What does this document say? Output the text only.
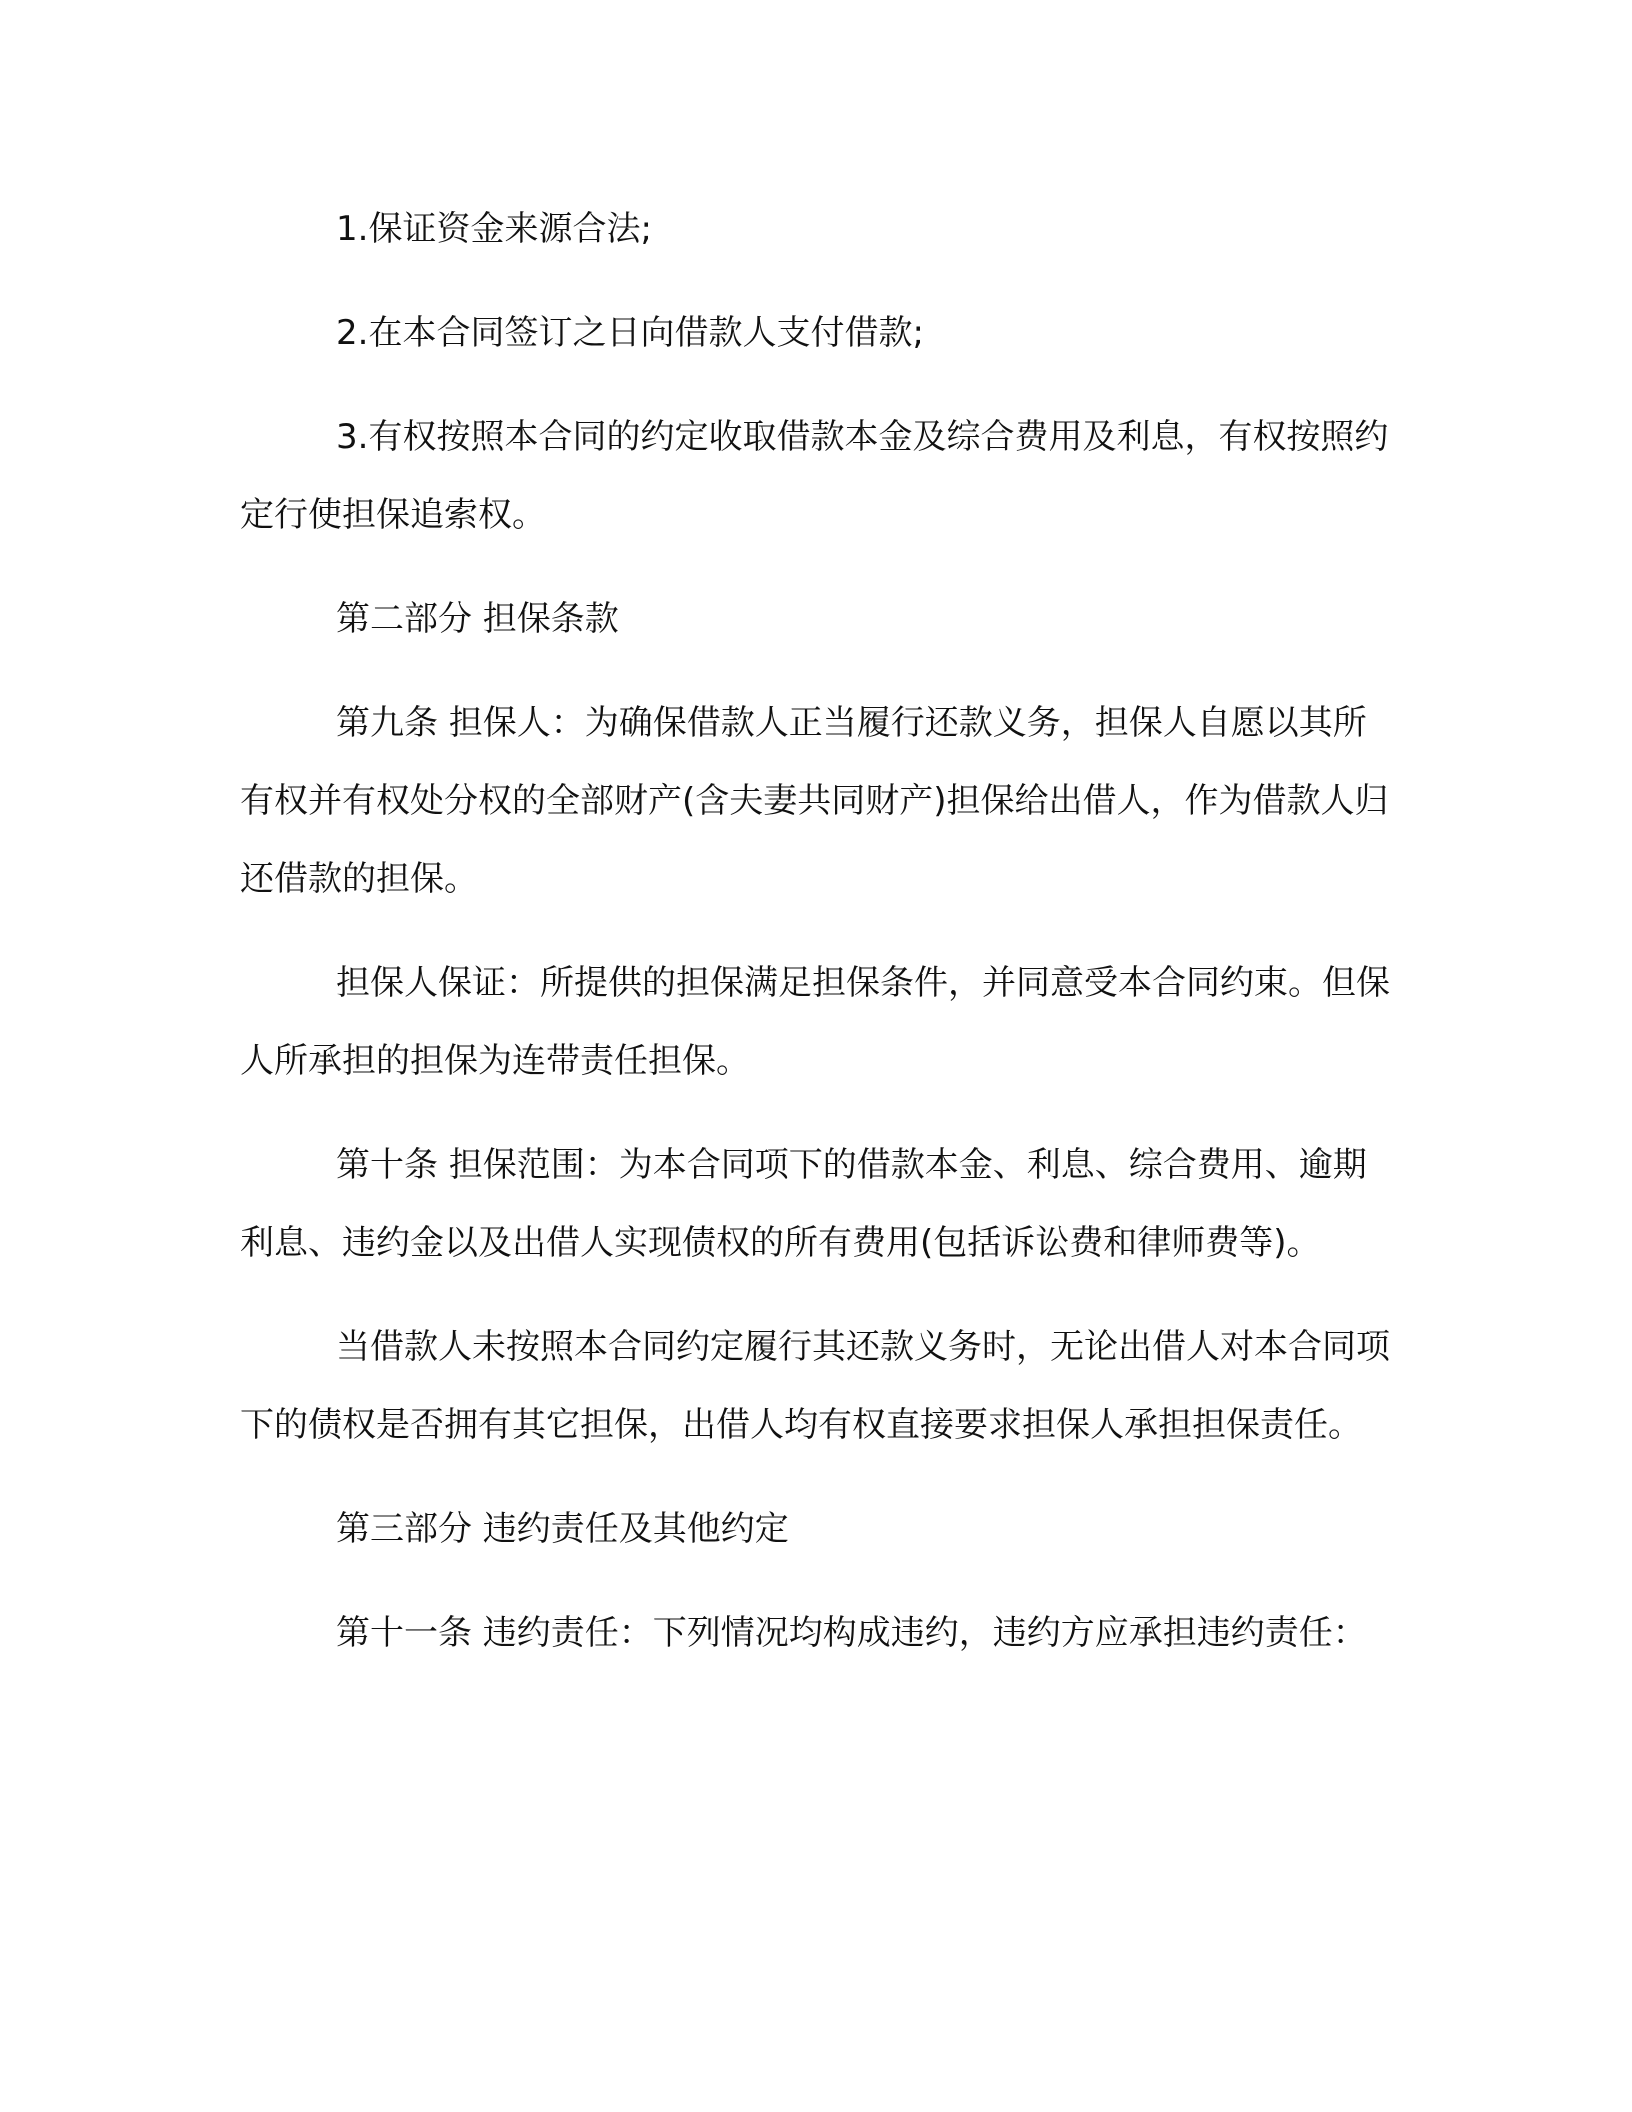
1.保证资金来源合法;

2.在本合同签订之日向借款人支付借款;

3.有权按照本合同的约定收取借款本金及综合费用及利息，有权按照约定行使担保追索权。

第二部分 担保条款

第九条 担保人：为确保借款人正当履行还款义务，担保人自愿以其所有权并有权处分权的全部财产(含夫妻共同财产)担保给出借人，作为借款人归还借款的担保。

担保人保证：所提供的担保满足担保条件，并同意受本合同约束。但保人所承担的担保为连带责任担保。

第十条 担保范围：为本合同项下的借款本金、利息、综合费用、逾期利息、违约金以及出借人实现债权的所有费用(包括诉讼费和律师费等)。

当借款人未按照本合同约定履行其还款义务时，无论出借人对本合同项下的债权是否拥有其它担保，出借人均有权直接要求担保人承担担保责任。

第三部分 违约责任及其他约定

第十一条 违约责任：下列情况均构成违约，违约方应承担违约责任：
